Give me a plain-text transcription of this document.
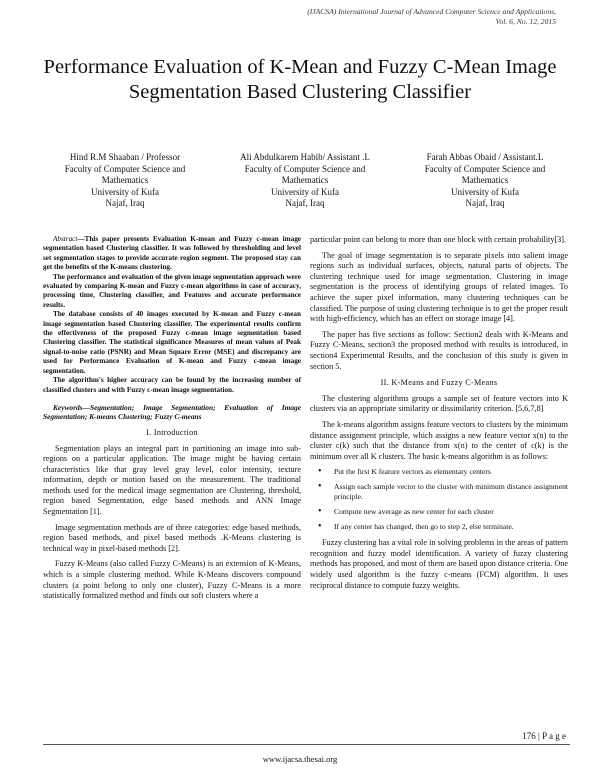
(IJACSA) International Journal of Advanced Computer Science and Applications,
Vol. 6, No. 12, 2015
Performance Evaluation of K-Mean and Fuzzy C-Mean Image Segmentation Based Clustering Classifier
Hind R.M Shaaban / Professor
Faculty of Computer Science and
Mathematics
University of Kufa
Najaf, Iraq
Ali Abdulkarem Habib/ Assistant .L
Faculty of Computer Science and
Mathematics
University of Kufa
Najaf, Iraq
Farah Abbas Obaid / Assistant.L
Faculty of Computer Science and
Mathematics
University of Kufa
Najaf, Iraq

Abstract—This paper presents Evaluation K-mean and Fuzzy c-mean image segmentation based Clustering classifier. It was followed by thresholding and level set segmentation stages to provide accurate region segment. The proposed stay can get the benefits of the K-means clustering.

The performance and evaluation of the given image segmentation approach were evaluated by comparing K-mean and Fuzzy c-mean algorithms in case of accuracy, processing time, Clustering classifier, and Features and accurate performance results.

The database consists of 40 images executed by K-mean and Fuzzy c-mean image segmentation based Clustering classifier. The experimental results confirm the effectiveness of the proposed Fuzzy c-mean image segmentation based Clustering classifier. The statistical significance Measures of mean values of Peak signal-to-noise ratio (PSNR) and Mean Square Error (MSE) and discrepancy are used for Performance Evaluation of K-mean and Fuzzy c-mean image segmentation.

The algorithm's higher accuracy can be found by the increasing number of classified clusters and with Fuzzy c-mean image segmentation.

Keywords—Segmentation; Image Segmentation; Evaluation of Image Segmentation; K-means Clustering; Fuzzy C-means
I. Introduction

Segmentation plays an integral part in partitioning an image into sub-regions on a particular application. The image might be having certain characteristics like that gray level gray level, color intensity, texture information, depth or motion based on the measurement. The traditional methods used for the medical image segmentation are Clustering, threshold, region based Segmentation, edge based methods and ANN Image Segmentation [1].

Image segmentation methods are of three categories: edge based methods, region based methods, and pixel based methods .K-Means clustering is technical way in pixel-based methods [2].

Fuzzy K-Means (also called Fuzzy C-Means) is an extension of K-Means, which is a simple clustering method. While K-Means discovers compound clusters (a point belong to only one cluster), Fuzzy C-Means is a more statistically formalized method and finds out soft clusters where a

particular point can belong to more than one block with certain probability[3].

The goal of image segmentation is to separate pixels into salient image regions such as individual surfaces, objects, natural parts of objects. The clustering technique used for image segmentation. Clustering in image segmentation is the process of identifying groups of related images. To achieve the super pixel information, many clustering techniques can be classified. The purpose of using clustering technique is to get the proper result with high-efficiency, which has an effect on storage image [4].

The paper has five sections as follow: Section2 deals with K-Means and Fuzzy C-Means, section3 the proposed method with results is introduced, in section4 Experimental Results, and the conclusion of this study is given in section 5.

II. K-Means and Fuzzy C-Means

The clustering algorithms groups a sample set of feature vectors into K clusters via an appropriate similarity or dissimilarity criterion. [5,6,7,8]

The k-means algorithm assigns feature vectors to clusters by the minimum distance assignment principle, which assigns a new feature vector x(n) to the cluster c(k) such that the distance from x(n) to the center of c(k) is the minimum over all K clusters. The basic k-means algorithm is as follows:

• Put the first K feature vectors as elementary centers
• Assign each sample vector to the cluster with minimum distance assignment principle.
• Compute new average as new center for each cluster
• If any center has changed, then go to step 2, else terminate.

Fuzzy clustering has a vital role in solving problems in the areas of pattern recognition and fuzzy model identification. A variety of fuzzy clustering methods has proposed, and most of them are based upon distance criteria. One widely used algorithm is the fuzzy c-means (FCM) algorithm. It uses reciprocal distance to compute fuzzy weights.

176 | P a g e
www.ijacsa.thesai.org
